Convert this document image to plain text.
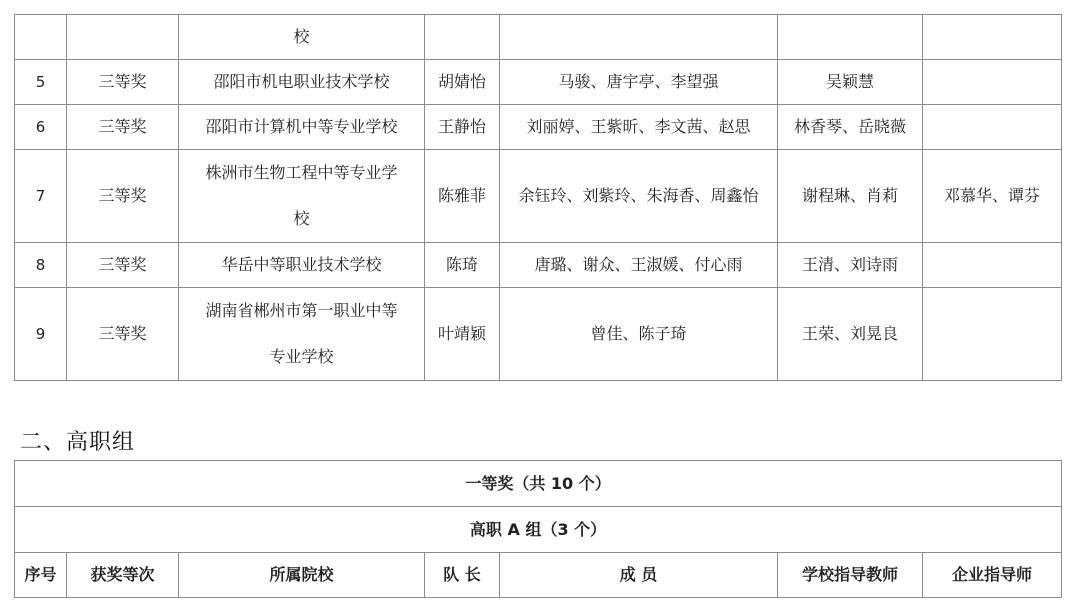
		校				
5	三等奖	邵阳市机电职业技术学校	胡婧怡	马骏、唐宇亭、李望强	吴颖慧	
6	三等奖	邵阳市计算机中等专业学校	王静怡	刘丽婷、王紫昕、李文茜、赵思	林香琴、岳晓薇	
7	三等奖	株洲市生物工程中等专业学
校	陈雅菲	余钰玲、刘紫玲、朱海香、周鑫怡	谢程琳、肖莉	邓慕华、谭芬
8	三等奖	华岳中等职业技术学校	陈琦	唐璐、谢众、王淑媛、付心雨	王清、刘诗雨	
9	三等奖	湖南省郴州市第一职业中等
专业学校	叶靖颖	曾佳、陈子琦	王荣、刘晃良	
二、高职组
一等奖（共 10 个）
高职 A 组（3 个）
序号	获奖等次	所属院校	队 长	成 员	学校指导教师	企业指导师
